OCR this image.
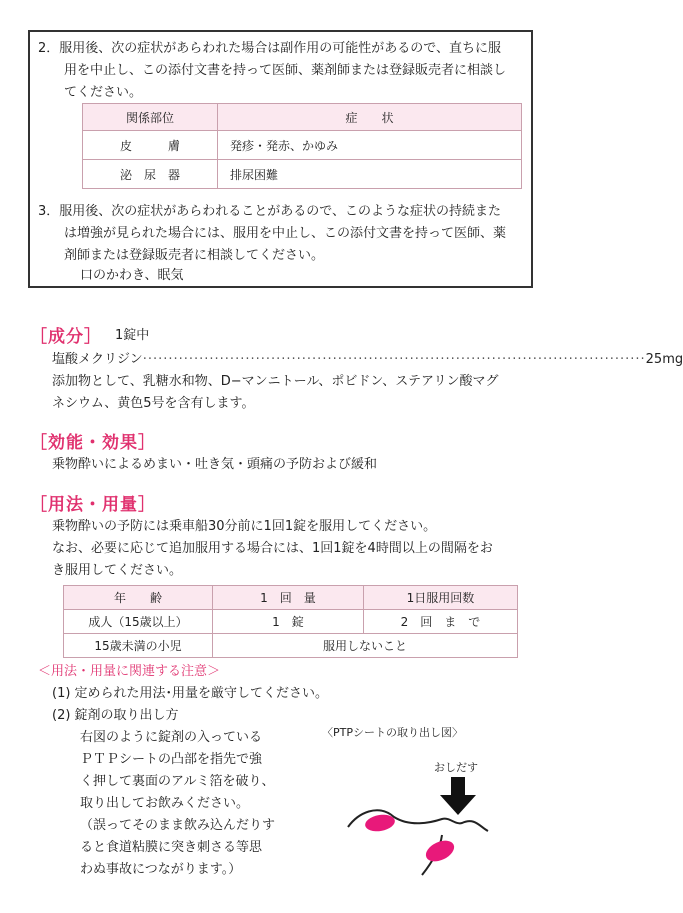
2．服用後、次の症状があらわれた場合は副作用の可能性があるので、直ちに服
用を中止し、この添付文書を持って医師、薬剤師または登録販売者に相談し
てください。
関係部位	症　　状
皮　　　膚	発疹・発赤、かゆみ
泌　尿　器	排尿困難
3．服用後、次の症状があらわれることがあるので、このような症状の持続また
は増強が見られた場合には、服用を中止し、この添付文書を持って医師、薬
剤師または登録販売者に相談してください。
口のかわき、眠気
［成分］ 1錠中
塩酸メクリジン ·································································································· 25mg
添加物として、乳糖水和物、D−マンニトール、ポビドン、ステアリン酸マグ
ネシウム、黄色5号を含有します。
［効能・効果］
乗物酔いによるめまい・吐き気・頭痛の予防および緩和
［用法・用量］
乗物酔いの予防には乗車船30分前に1回1錠を服用してください。
なお、必要に応じて追加服用する場合には、1回1錠を4時間以上の間隔をお
き服用してください。
年　　齢	1　回　量	1日服用回数
成人（15歳以上）	1　錠	2　回　ま　で
15歳未満の小児	服用しないこと	
＜用法・用量に関連する注意＞
(1) 定められた用法･用量を厳守してください。
(2) 錠剤の取り出し方
右図のように錠剤の入っている
ＰＴＰシートの凸部を指先で強
く押して裏面のアルミ箔を破り、
取り出してお飲みください。
（誤ってそのまま飲み込んだりす
ると食道粘膜に突き刺さる等思
わぬ事故につながります。）
〈PTPシートの取り出し図〉
おしだす
